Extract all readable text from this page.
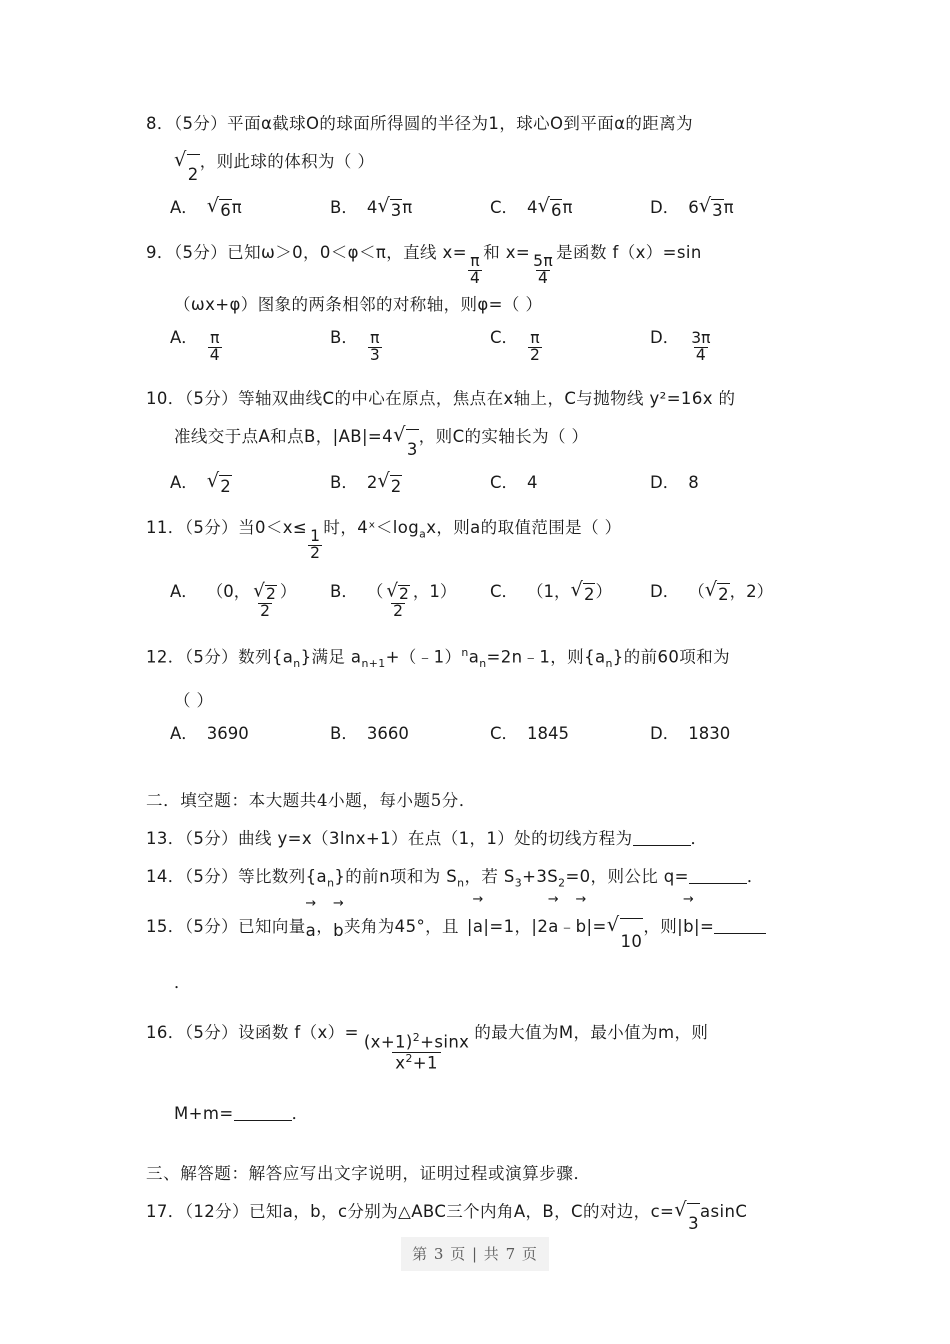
8．（5分）平面α截球O的球面所得圆的半径为1，球心O到平面α的距离为
√
2
，则此球的体积为（ ）
A． √ 6 π	B． 4 √ 3 π	C． 4 √ 6 π	D． 6 √ 3 π
9．（5分）已知ω＞0，0＜φ＜π，直线 x=
$\frac{\pi}{4}$
和 x=
$\frac{5\pi}{4}$
是函数 f（x）=sin
（ωx+φ）图象的两条相邻的对称轴，则φ=（ ）
A． $\frac{\pi}{4}$	B． $\frac{\pi}{3}$	C． $\frac{\pi}{2}$	D． $\frac{3\pi}{4}$
10．（5分）等轴双曲线C的中心在原点，焦点在x轴上，C与抛物线 y²=16x 的
准线交于点A和点B，|AB|=4 √
3
，则C的实轴长为（ ）
A． √ 2	B． 2 √ 2	C． 4	D． 8
11．（5分）当0＜x≤
$\frac{1}{2}$
时，$4ˣ<\log_ax$，则a的取值范围是（ ）
A． （0， $\frac{√ 2}{2}$ ） B． （ $\frac{√ 2}{2}$ ，1） C． （1， √ 2 ） D． （ √ 2 ，2）
12．（5分）数列$\{a_n\}$满足 $a_{n+1}+(﹣1)^na_n=2n﹣1$，则$\{a_n\}$的前60项和为
（ ）
A． 3690	B． 3660	C． 1845	D． 1830
二．填空题：本大题共4小题，每小题5分．
13．（5分）曲线 y=x（3lnx+1）在点（1，1）处的切线方程为	．
14．（5分）等比数列$\{a_n\}$的前n项和为 $S_n$，若 $S_3+3S_2=0$，则公比 q=	．
15．（5分）已知向量
→
a，
→
b夹角为45°，且 |
→
a|=1，|2
→
a﹣
→
b|= √
10
，则|
→
b|=
．
16．（5分）设函数 $f(x)= \frac{(x+1)^2+\sin x}{x^2+1}$ 的最大值为M，最小值为m，则
M+m=	．
三、解答题：解答应写出文字说明，证明过程或演算步骤．
17．（12分）已知a，b，c分别为△ABC三个内角A，B，C的对边，c= √
3
asinC
第 3 页 | 共 7 页
